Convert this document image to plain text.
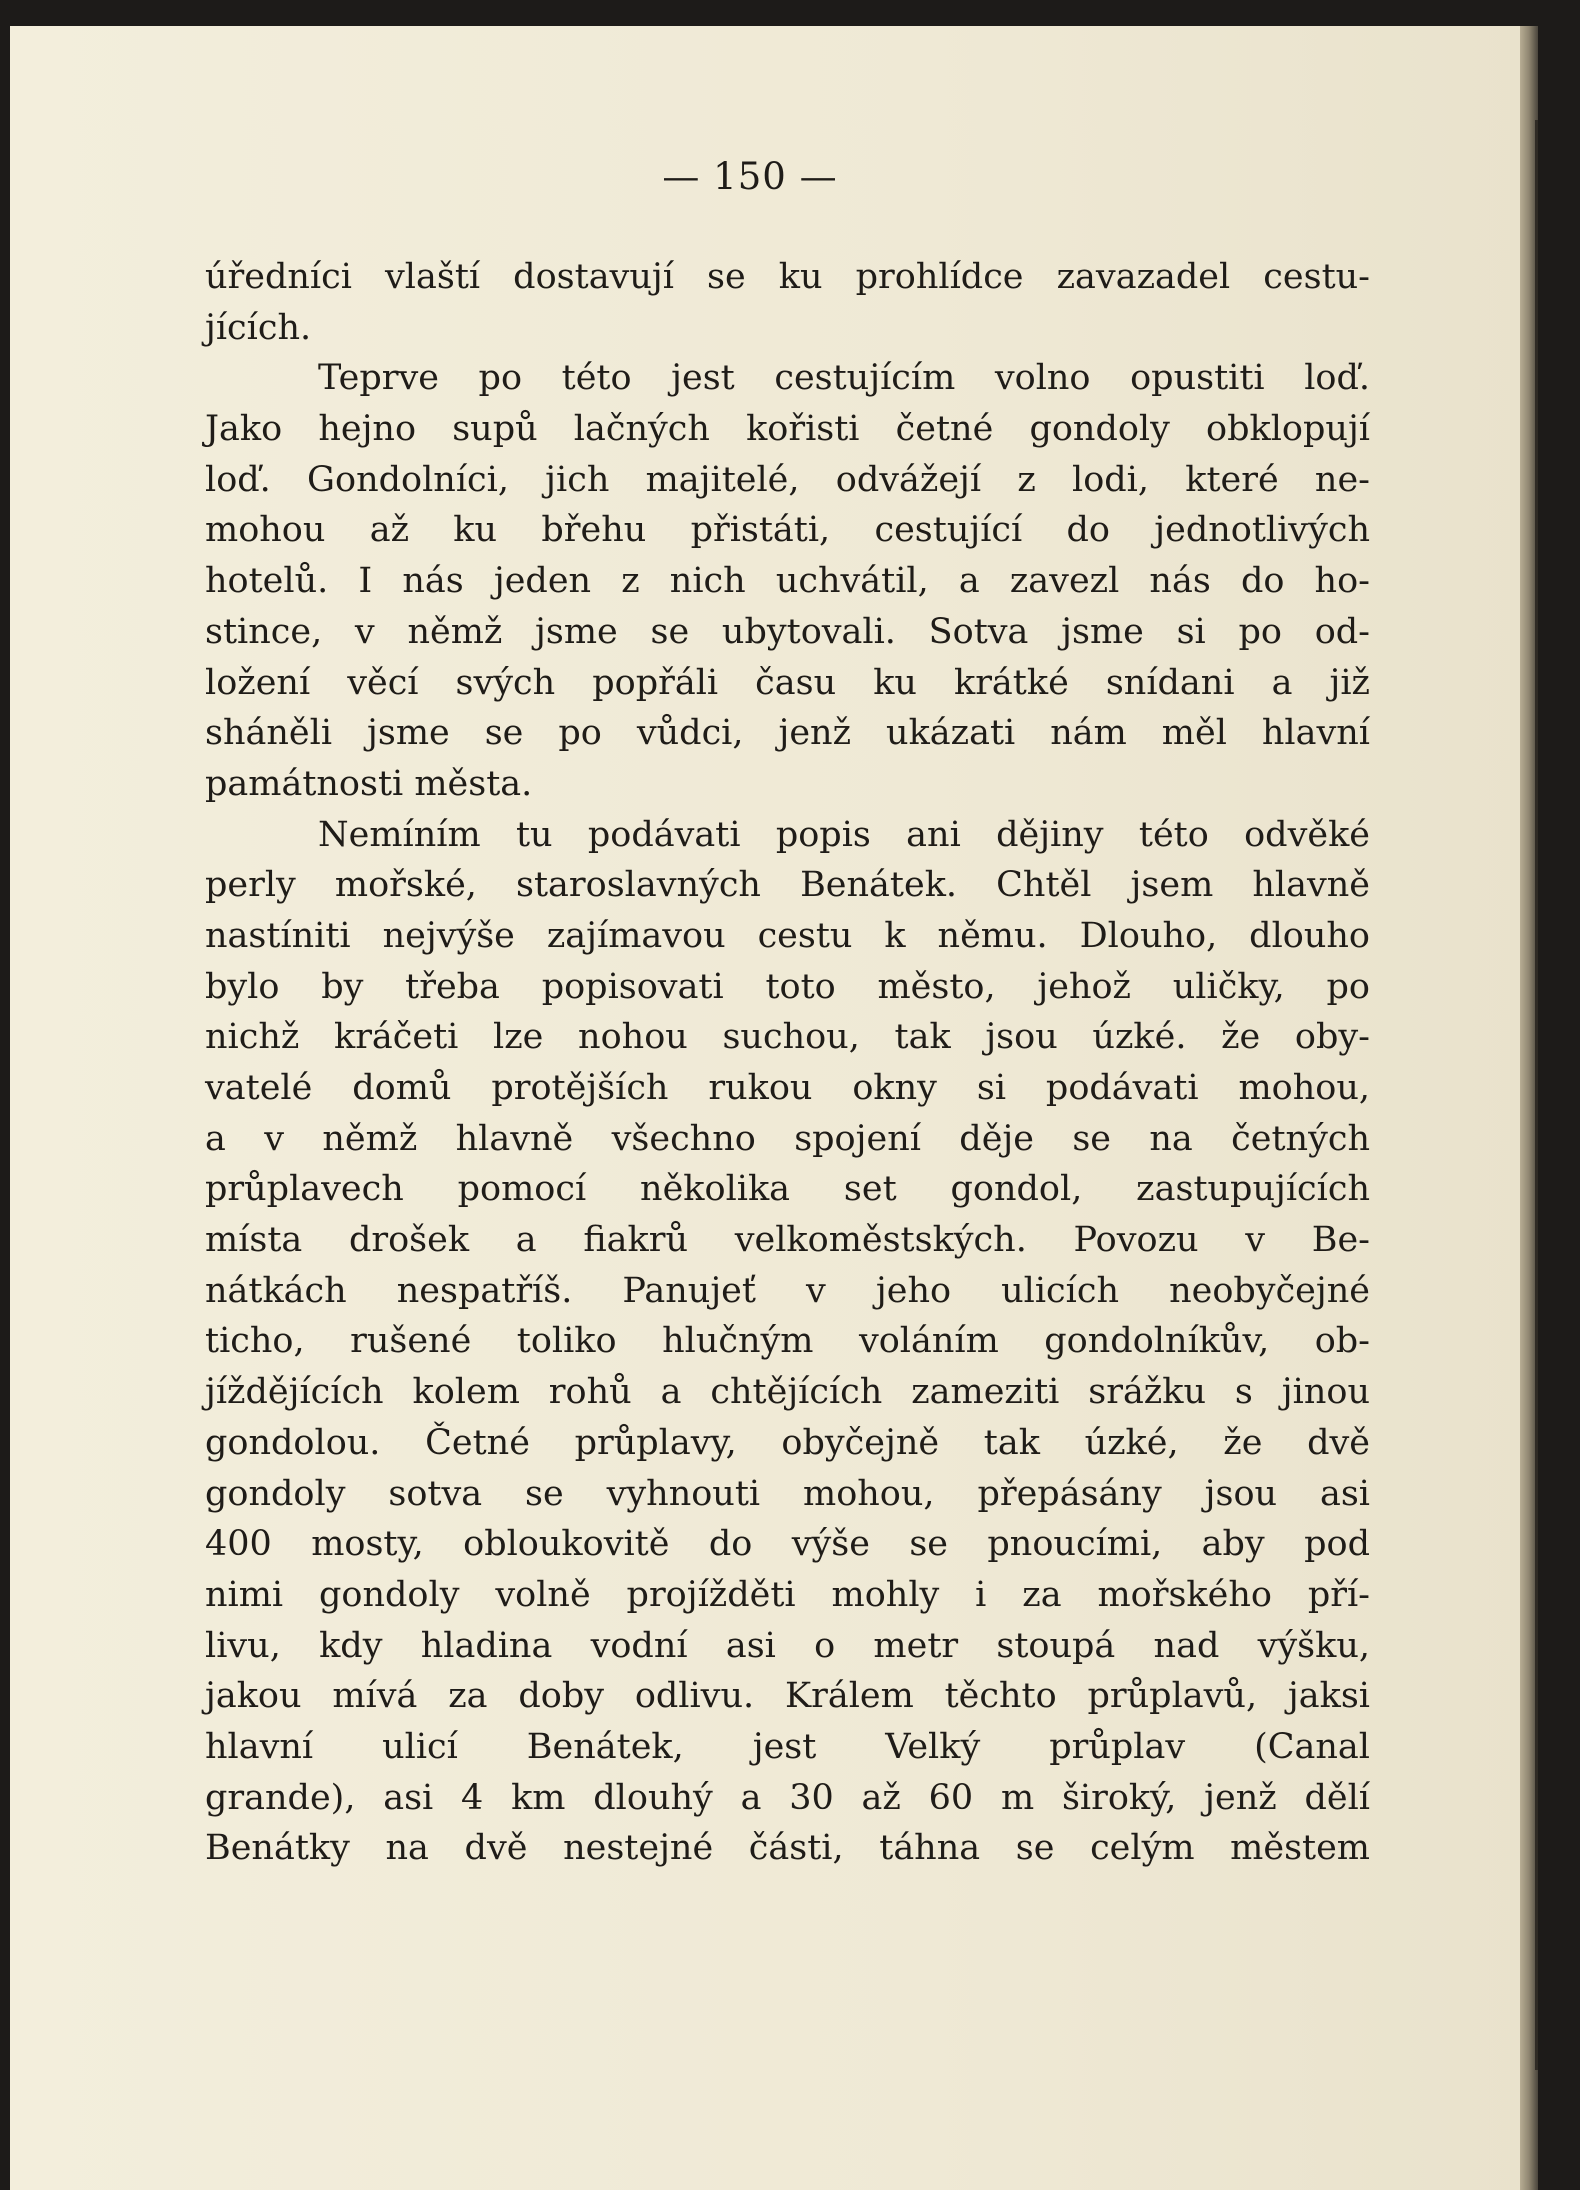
— 150 —
úředníci vlaští dostavují se ku prohlídce zavazadel cestu-
jících.
Teprve po této jest cestujícím volno opustiti loď.
Jako hejno supů lačných kořisti četné gondoly obklopují
loď. Gondolníci, jich majitelé, odvážejí z lodi, které ne-
mohou až ku břehu přistáti, cestující do jednotlivých
hotelů. I nás jeden z nich uchvátil, a zavezl nás do ho-
stince, v němž jsme se ubytovali. Sotva jsme si po od-
ložení věcí svých popřáli času ku krátké snídani a již
sháněli jsme se po vůdci, jenž ukázati nám měl hlavní
památnosti města.
Nemíním tu podávati popis ani dějiny této odvěké
perly mořské, staroslavných Benátek. Chtěl jsem hlavně
nastíniti nejvýše zajímavou cestu k němu. Dlouho, dlouho
bylo by třeba popisovati toto město, jehož uličky, po
nichž kráčeti lze nohou suchou, tak jsou úzké. že oby-
vatelé domů protějších rukou okny si podávati mohou,
a v němž hlavně všechno spojení děje se na četných
průplavech pomocí několika set gondol, zastupujících
místa drošek a fiakrů velkoměstských. Povozu v Be-
nátkách nespatříš. Panujeť v jeho ulicích neobyčejné
ticho, rušené toliko hlučným voláním gondolníkův, ob-
jíždějících kolem rohů a chtějících zameziti srážku s jinou
gondolou. Četné průplavy, obyčejně tak úzké, že dvě
gondoly sotva se vyhnouti mohou, přepásány jsou asi
400 mosty, obloukovitě do výše se pnoucími, aby pod
nimi gondoly volně projížděti mohly i za mořského pří-
livu, kdy hladina vodní asi o metr stoupá nad výšku,
jakou mívá za doby odlivu. Králem těchto průplavů, jaksi
hlavní ulicí Benátek, jest Velký průplav (Canal
grande), asi 4 km dlouhý a 30 až 60 m široký, jenž dělí
Benátky na dvě nestejné části, táhna se celým městem
